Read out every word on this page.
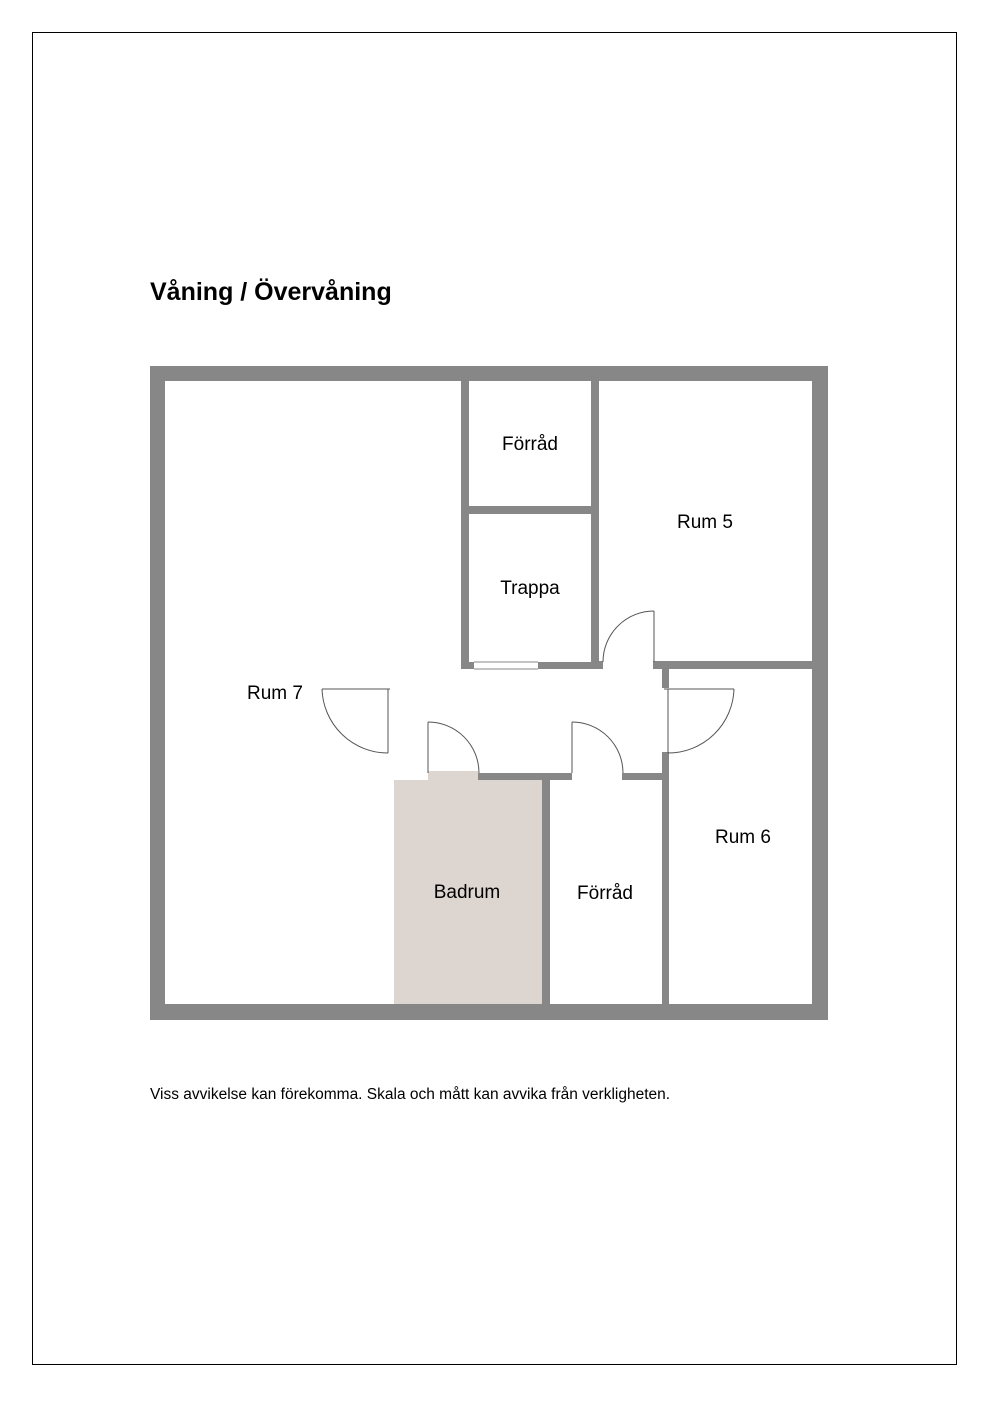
Våning / Övervåning
Förråd
Trappa
Rum 5
Rum 7
Rum 6
Badrum	Förråd
Viss avvikelse kan förekomma. Skala och mått kan avvika från verkligheten.
